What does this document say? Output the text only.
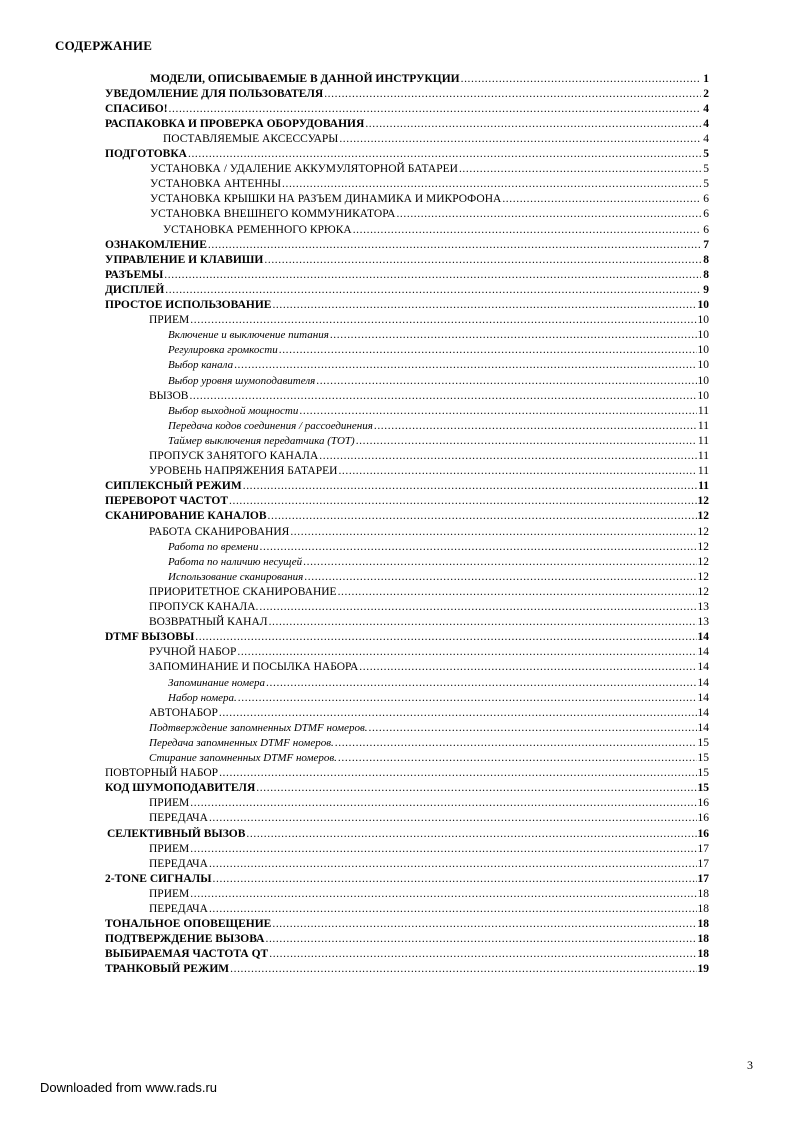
СОДЕРЖАНИЕ
МОДЕЛИ, ОПИСЫВАЕМЫЕ В ДАННОЙ ИНСТРУКЦИИ .....	1
УВЕДОМЛЕНИЕ ДЛЯ ПОЛЬЗОВАТЕЛЯ .....	2
СПАСИБО! .....	4
РАСПАКОВКА И ПРОВЕРКА ОБОРУДОВАНИЯ .....	4
ПОСТАВЛЯЕМЫЕ АКСЕССУАРЫ .....	4
ПОДГОТОВКА .....	5
УСТАНОВКА / УДАЛЕНИЕ АККУМУЛЯТОРНОЙ БАТАРЕИ .....	5
УСТАНОВКА АНТЕННЫ .....	5
УСТАНОВКА КРЫШКИ НА РАЗЪЕМ ДИНАМИКА И МИКРОФОНА .....	6
УСТАНОВКА ВНЕШНЕГО КОММУНИКАТОРА .....	6
УСТАНОВКА РЕМЕННОГО КРЮКА .....	6
ОЗНАКОМЛЕНИЕ .....	7
УПРАВЛЕНИЕ И КЛАВИШИ .....	8
РАЗЪЕМЫ .....	8
ДИСПЛЕЙ .....	9
ПРОСТОЕ ИСПОЛЬЗОВАНИЕ .....	10
ПРИЕМ .....	10
Включение и выключение питания .....	10
Регулировка громкости .....	10
Выбор канала .....	10
Выбор уровня шумоподавителя .....	10
ВЫЗОВ .....	10
Выбор выходной мощности .....	11
Передача кодов соединения / рассоединения .....	11
Таймер выключения передатчика (ТОТ) .....	11
ПРОПУСК ЗАНЯТОГО КАНАЛА .....	11
УРОВЕНЬ НАПРЯЖЕНИЯ БАТАРЕИ .....	11
СИПЛЕКСНЫЙ РЕЖИМ .....	11
ПЕРЕВОРОТ ЧАСТОТ .....	12
СКАНИРОВАНИЕ КАНАЛОВ .....	12
РАБОТА СКАНИРОВАНИЯ .....	12
Работа по времени .....	12
Работа по наличию несущей .....	12
Использование сканирования .....	12
ПРИОРИТЕТНОЕ СКАНИРОВАНИЕ .....	12
ПРОПУСК КАНАЛА. .....	13
ВОЗВРАТНЫЙ КАНАЛ .....	13
DTMF ВЫЗОВЫ .....	14
РУЧНОЙ НАБОР .....	14
ЗАПОМИНАНИЕ И ПОСЫЛКА НАБОРА .....	14
Запоминание номера .....	14
Набор номера. .....	14
АВТОНАБОР .....	14
Подтверждение запомненных DTMF номеров. .....	14
Передача запомненных DTMF номеров. .....	15
Стирание запомненных DTMF номеров. .....	15
ПОВТОРНЫЙ НАБОР .....	15
КОД ШУМОПОДАВИТЕЛЯ .....	15
ПРИЕМ .....	16
ПЕРЕДАЧА .....	16
СЕЛЕКТИВНЫЙ ВЫЗОВ .....	16
ПРИЕМ .....	17
ПЕРЕДАЧА .....	17
2-TONE СИГНАЛЫ .....	17
ПРИЕМ .....	18
ПЕРЕДАЧА .....	18
ТОНАЛЬНОЕ ОПОВЕЩЕНИЕ .....	18
ПОДТВЕРЖДЕНИЕ ВЫЗОВА .....	18
ВЫБИРАЕМАЯ ЧАСТОТА QT .....	18
ТРАНКОВЫЙ РЕЖИМ .....	19
3
Downloaded from www.rads.ru
